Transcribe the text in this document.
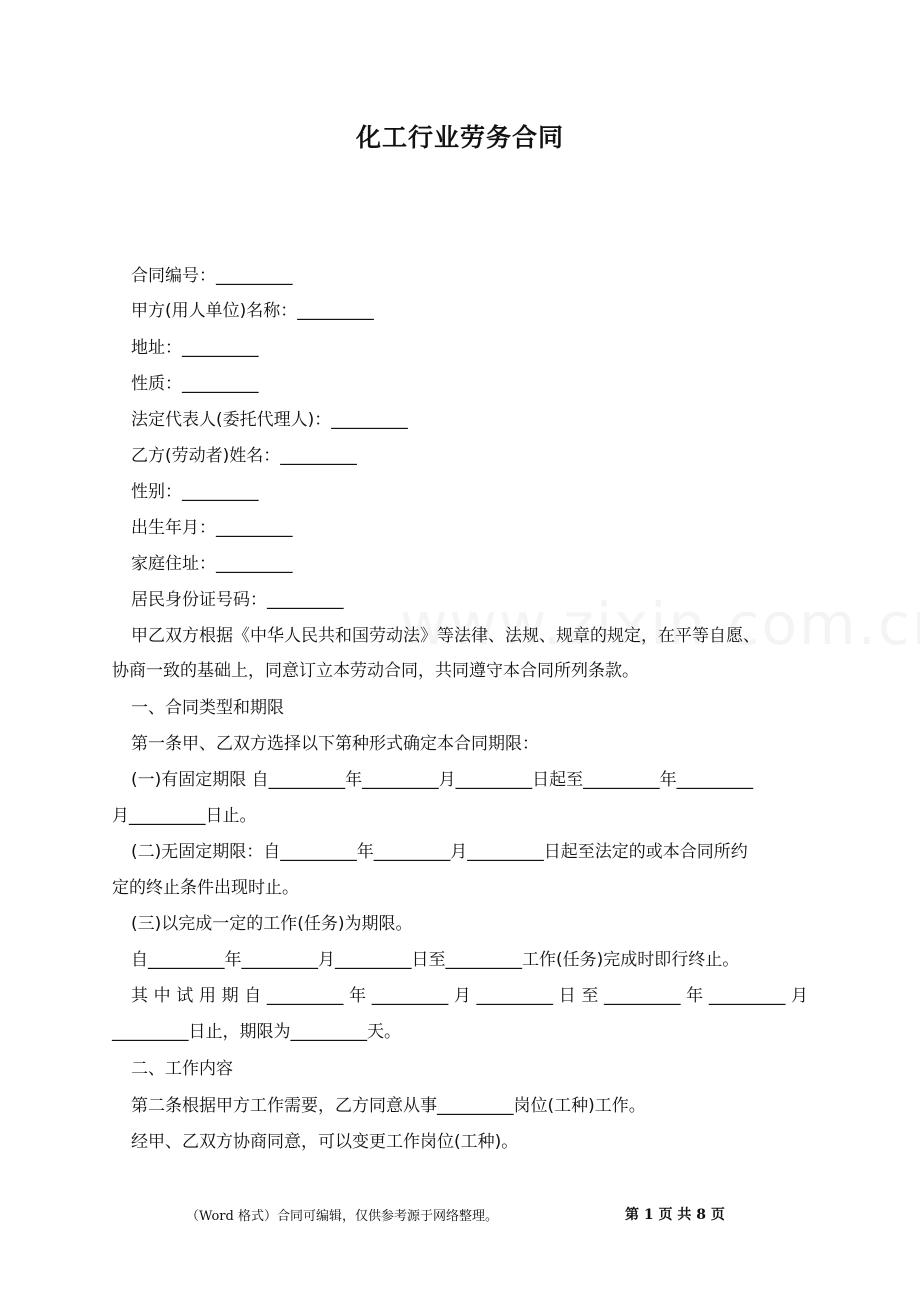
化工行业劳务合同
合同编号：_________
甲方(用人单位)名称：_________
地址：_________
性质：_________
法定代表人(委托代理人)：_________
乙方(劳动者)姓名：_________
性别：_________
出生年月：_________
家庭住址：_________
居民身份证号码：_________
甲乙双方根据《中华人民共和国劳动法》等法律、法规、规章的规定，在平等自愿、
协商一致的基础上，同意订立本劳动合同，共同遵守本合同所列条款。
一、合同类型和期限
第一条甲、乙双方选择以下第种形式确定本合同期限：
(一)有固定期限 自_________年_________月_________日起至_________年_________
月_________日止。
(二)无固定期限：自_________年_________月_________日起至法定的或本合同所约
定的终止条件出现时止。
(三)以完成一定的工作(任务)为期限。
自_________年_________月_________日至_________工作(任务)完成时即行终止。
其中试用期自_________年_________月_________日至_________年_________月
_________日止，期限为_________天。
二、工作内容
第二条根据甲方工作需要，乙方同意从事_________岗位(工种)工作。
经甲、乙双方协商同意，可以变更工作岗位(工种)。
（Word 格式）合同可编辑，仅供参考源于网络整理。	第 1 页 共 8 页
